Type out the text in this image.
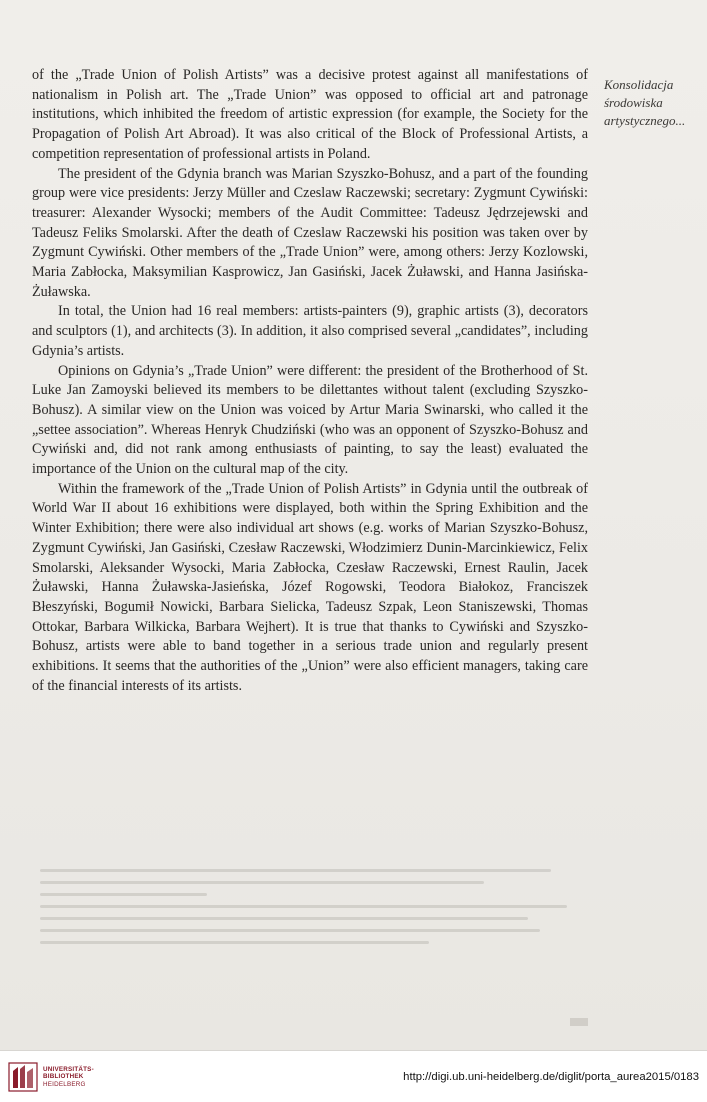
of the „Trade Union of Polish Artists” was a decisive protest against all manifestations of nationalism in Polish art. The „Trade Union” was opposed to official art and patronage institutions, which inhibited the freedom of artistic expression (for example, the Society for the Propagation of Polish Art Abroad). It was also critical of the Block of Professional Artists, a competition representation of professional artists in Poland.

The president of the Gdynia branch was Marian Szyszko-Bohusz, and a part of the founding group were vice presidents: Jerzy Müller and Czeslaw Raczewski; secretary: Zygmunt Cywiński: treasurer: Alexander Wysocki; members of the Audit Committee: Tadeusz Jędrzejewski and Tadeusz Feliks Smolarski. After the death of Czeslaw Raczewski his position was taken over by Zygmunt Cywiński. Other members of the „Trade Union” were, among others: Jerzy Kozlowski, Maria Zabłocka, Maksymilian Kasprowicz, Jan Gasiński, Jacek Żuławski, and Hanna Jasińska-Żuławska.

In total, the Union had 16 real members: artists-painters (9), graphic artists (3), decorators and sculptors (1), and architects (3). In addition, it also comprised several „candidates”, including Gdynia’s artists.

Opinions on Gdynia’s „Trade Union” were different: the president of the Brotherhood of St. Luke Jan Zamoyski believed its members to be dilettantes without talent (excluding Szyszko-Bohusz). A similar view on the Union was voiced by Artur Maria Swinarski, who called it the „settee association”. Whereas Henryk Chudziński (who was an opponent of Szyszko-Bohusz and Cywiński and, did not rank among enthusiasts of painting, to say the least) evaluated the importance of the Union on the cultural map of the city.

Within the framework of the „Trade Union of Polish Artists” in Gdynia until the outbreak of World War II about 16 exhibitions were displayed, both within the Spring Exhibition and the Winter Exhibition; there were also individual art shows (e.g. works of Marian Szyszko-Bohusz, Zygmunt Cywiński, Jan Gasiński, Czesław Raczewski, Włodzimierz Dunin-Marcinkiewicz, Felix Smolarski, Aleksander Wysocki, Maria Zabłocka, Czesław Raczewski, Ernest Raulin, Jacek Żuławski, Hanna Żuławska-Jasieńska, Józef Rogowski, Teodora Białokoz, Franciszek Błeszyński, Bogumił Nowicki, Barbara Sielicka, Tadeusz Szpak, Leon Staniszewski, Thomas Ottokar, Barbara Wilkicka, Barbara Wejhert). It is true that thanks to Cywiński and Szyszko-Bohusz, artists were able to band together in a serious trade union and regularly present exhibitions. It seems that the authorities of the „Union” were also efficient managers, taking care of the financial interests of its artists.

Konsolidacja
środowiska
artystycznego...
UNIVERSITÄTS-
BIBLIOTHEK
HEIDELBERG
http://digi.ub.uni-heidelberg.de/diglit/porta_aurea2015/0183
